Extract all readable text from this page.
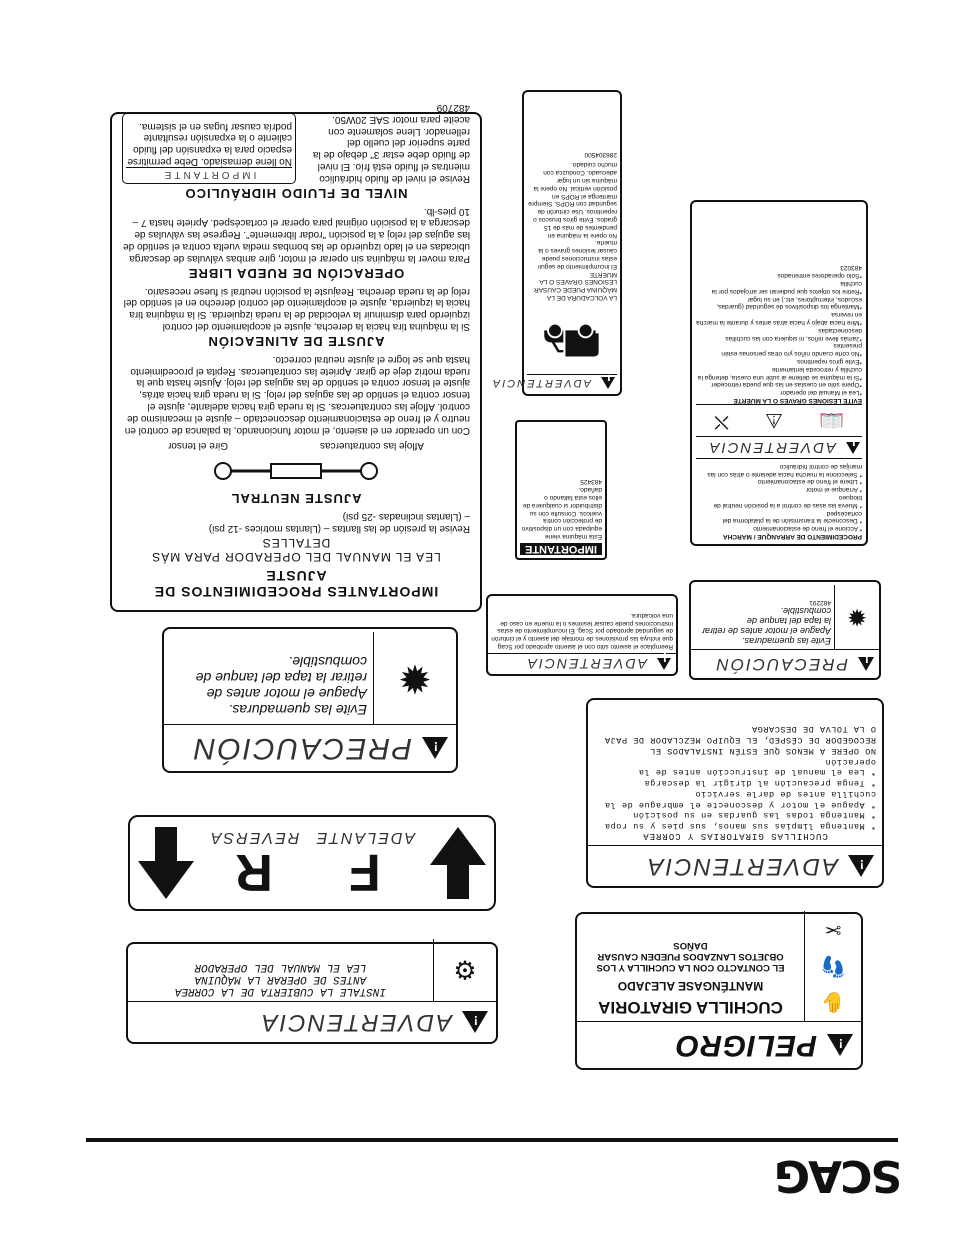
IMPORTANTES PROCEDIMIENTOS DE AJUSTE
LEA EL MANUAL DEL OPERADOR PARA MÁS DETALLES
Revise la presión de las llantas – (Llantas motrices -12 psi)
– (Llantas inclinadas -25 psi)
AJUSTE NEUTRAL
Afloje las contratuercas
Gire el tensor
Con un operador en el asiento, el motor funcionando, la palanca de control en neutro y el freno de estacionamiento desconectado – ajuste el mecanismo de control. Afloje las contratuercas. Si la rueda gira hacia adelante, ajuste el tensor contra el sentido de las agujas del reloj. Si la rueda gira hacia atrás, ajuste el tensor contra el sentido de las agujas del reloj. Ajuste hasta que la rueda motriz deje de girar. Apriete las contratuercas. Repita el procedimiento hasta que se logre el ajuste neutral correcto.
AJUSTE DE ALINEACIÓN
Si la máquina tira hacia la derecha, ajuste el acoplamiento del control izquierdo para disminuir la velocidad de la rueda izquierda. Si la máquina tira hacia la izquierda, ajuste el acoplamiento del control derecho en el sentido del reloj de la rueda derecha. Reajuste la posición neutral si fuese necesario.
OPERACIÓN DE RUEDA LIBRE
Para mover la máquina sin operar el motor, gire ambas válvulas de descarga ubicadas en el lado izquierdo de las bombas media vuelta contra el sentido de las agujas del reloj a la posición "rodar libremente". Regrese las válvulas de descarga a la posición original para operar el cortacésped. Apriete hasta 7 – 10 pies-lb.
NIVEL DE FLUIDO HIDRÁULICO
Revise el nivel de fluido hidráulico mientras el fluido está frío. El nivel de fluido debe estar 3" debajo de la parte superior del cuello del rellenador. Llene solamente con aceite para motor SAE 20W50.
IMPORTANTE
No llene demasiado. Debe permitirse espacio para la expansión del fluido caliente o la expansión resultante podría causar fugas en el sistema.
482709
!
PRECAUCIÓN
✹
Evite las quemaduras.
Apague el motor antes de retirar la tapa del tanque de combustible.
F
ADELANTE
R
REVERSA
!
ADVERTENCIA
⚙
INSTALE LA CUBIERTA DE LA CORREA
ANTES DE OPERAR LA MÁQUINA
LEA EL MANUAL DEL OPERADOR
!
ADVERTENCIA
⛟
LA VOLCADURA DE LA MÁQUINA PUEDE CAUSAR LESIONES GRAVES O LA MUERTE
El incumplimiento de seguir estas instrucciones puede causar lesiones graves o la muerte.
No opere la máquina en pendientes de más de 15 grados. Evite giros bruscos o repentinos. Use cinturón de seguridad con ROPS. Siempre mantenga el ROPS en posición vertical. No opere la máquina sin un lugar adecuado. Conduzca con mucho cuidado.
286304500
PROCEDIMIENTO DE ARRANQUE / MARCHA
* Accione el freno de estacionamiento
* Desconecte la transmisión de la plataforma del cortacésped
* Mueva las asas de control a la posición neutral de bloqueo
* Arranque el motor
* Libere el freno de estacionamiento
* Seleccione la marcha hacia adelante o atrás con las manijas de control hidráulico
!
ADVERTENCIA
📖
⚠
⛌
EVITE LESIONES GRAVES O LA MUERTE
*Lea el Manual del operador
*Opere sólo en cuestas en las que pueda retroceder
*Si la máquina se detiene al subir una cuesta, detenga la cuchilla y retroceda lentamente
*Evite giros repentinos
*No corte cuando niños y/o otras personas estén presentes
*Jamás lleve niños, ni siquiera con las cuchillas desconectadas
*Mire hacia abajo y hacia atrás antes y durante la marcha en reversa
*Mantenga los dispositivos de seguridad (guardas, escudos, interruptores, etc.) en su lugar
*Retire los objetos que pudieran ser arrojados por la cuchilla
*Sólo operadores entrenados
483023
IMPORTANTE
Esta máquina viene equipada con un dispositivo de protección contra vuelcos. Consulte con su distribuidor si cualquiera de ellos está faltando o dañado.
483425
!
ADVERTENCIA
Reemplace el asiento sólo con el asiento aprobado por Scag que incluya las provisiones de montaje del asiento y el cinturón de seguridad aprobado por Scag. El incumplimiento de estas instrucciones puede causar lesiones o la muerte en caso de una volcadura.
!
PRECAUCIÓN
✹
Evite las quemaduras.
Apague el motor antes de retirar la tapa del tanque de combustible.
482291
!
ADVERTENCIA
CUCHILLAS GIRATORIAS Y CORREA
* Mantenga limpias sus manos, sus pies y su ropa
* Mantenga todas las guardas en su posición
* Apague el motor y desconecte el embrague de la cuchilla antes de darle servicio
* Tenga precaución al dirigir la descarga
* Lea el manual de instrucción antes de la operación
NO OPERE A MENOS QUE ESTÉN INSTALADOS EL RECOGEDOR DE CÉSPED, EL EQUIPO MEZCLADOR DE PAJA O LA TOLVA DE DESCARGA
!
PELIGRO
✋
👣
✂
CUCHILLA GIRATORIA
MANTÉNGASE ALEJADO
EL CONTACTO CON LA CUCHILLA Y LOS OBJETOS LANZADOS PUEDEN CAUSAR DAÑOS
SCAG
